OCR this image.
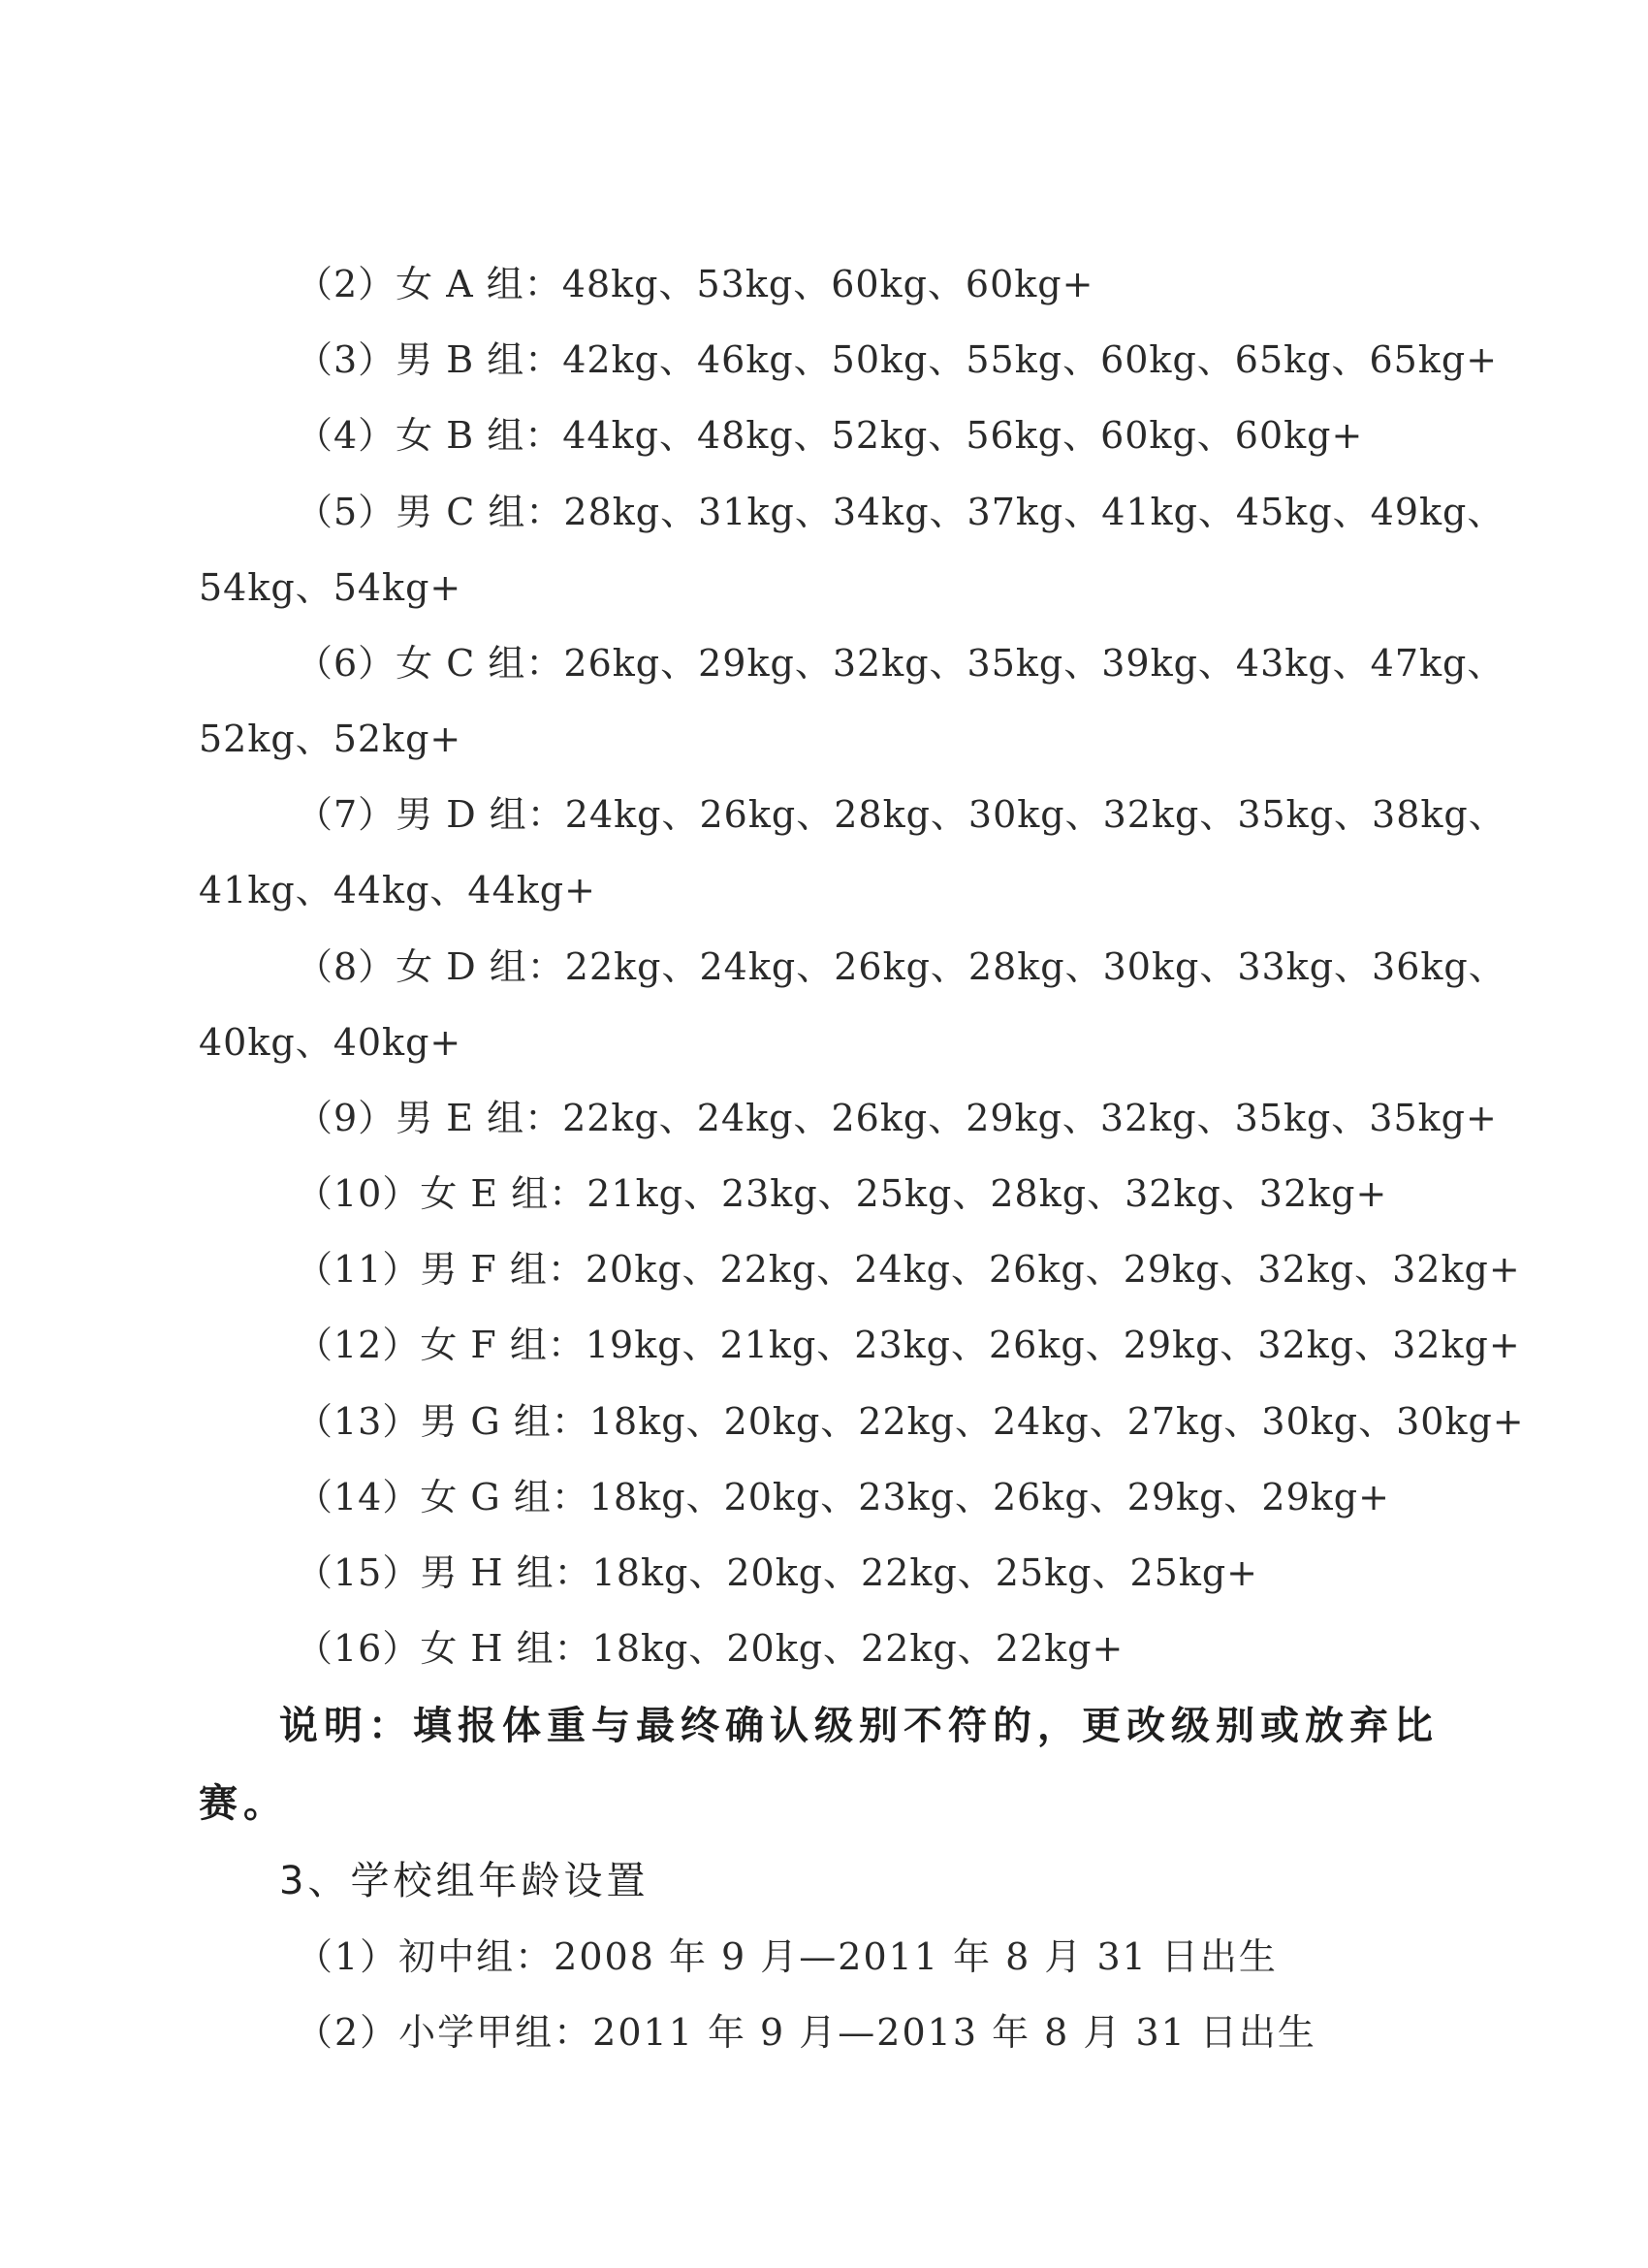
（2）女 A 组：48kg、53kg、60kg、60kg+
（3）男 B 组：42kg、46kg、50kg、55kg、60kg、65kg、65kg+
（4）女 B 组：44kg、48kg、52kg、56kg、60kg、60kg+
（5）男 C 组：28kg、31kg、34kg、37kg、41kg、45kg、49kg、
54kg、54kg+
（6）女 C 组：26kg、29kg、32kg、35kg、39kg、43kg、47kg、
52kg、52kg+
（7）男 D 组：24kg、26kg、28kg、30kg、32kg、35kg、38kg、
41kg、44kg、44kg+
（8）女 D 组：22kg、24kg、26kg、28kg、30kg、33kg、36kg、
40kg、40kg+
（9）男 E 组：22kg、24kg、26kg、29kg、32kg、35kg、35kg+
（10）女 E 组：21kg、23kg、25kg、28kg、32kg、32kg+
（11）男 F 组：20kg、22kg、24kg、26kg、29kg、32kg、32kg+
（12）女 F 组：19kg、21kg、23kg、26kg、29kg、32kg、32kg+
（13）男 G 组：18kg、20kg、22kg、24kg、27kg、30kg、30kg+
（14）女 G 组：18kg、20kg、23kg、26kg、29kg、29kg+
（15）男 H 组：18kg、20kg、22kg、25kg、25kg+
（16）女 H 组：18kg、20kg、22kg、22kg+
说明：填报体重与最终确认级别不符的，更改级别或放弃比
赛。
3、学校组年龄设置
（1）初中组：2008 年 9 月—2011 年 8 月 31 日出生
（2）小学甲组：2011 年 9 月—2013 年 8 月 31 日出生
